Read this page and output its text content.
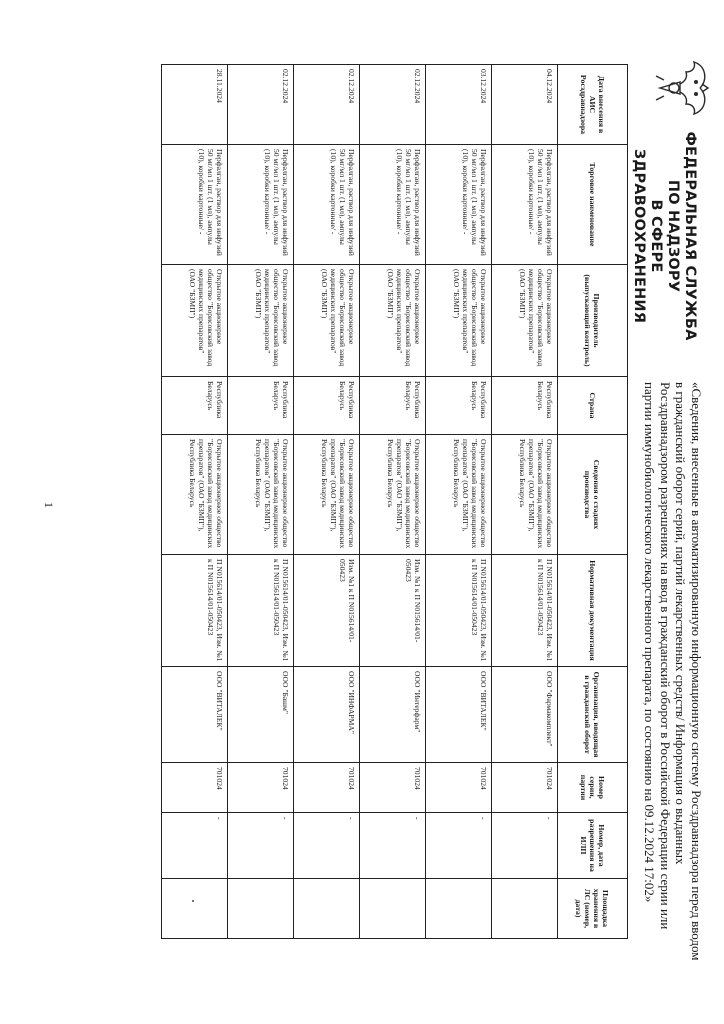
ФЕДЕРАЛЬНАЯ СЛУЖБА ПО НАДЗОРУ
В СФЕРЕ ЗДРАВООХРАНЕНИЯ
«Сведения, внесенные в автоматизированную информационную систему Росздравнадзора перед вводом в гражданский оборот серий, партий лекарственных средств/ Информация о выданных Росздравнадзором разрешениях на ввод в гражданский оборот в Российской Федерации серии или партии иммунобиологического лекарственного препарата, по состоянию на 09.12.2024 17:02»
Дата внесения в АИС Росздравнадзора	Торговое наименование	Производитель (выпускающий контроль)	Страна	Сведения о стадиях производства	Нормативная документация	Организация, вводящая в гражданский оборот	Номер серии, партии	Номер, дата разрешения на ИЛП	Площадка хранения в ЛС (номер, дата)
04.12.2024	Перфалган, раствор для инфузий 50 мг/мл 1 шт. (1 мл), ампулы (10), коробки картонные/ -	Открытое акционерное общество "Борисовский завод медицинских препаратов" (ОАО "БЗМП")	Республика Беларусь	Открытое акционерное общество "Борисовский завод медицинских препаратов" (ОАО "БЗМП"), Республика Беларусь	П N015614/01-050423, Изм. №1 к П N015614/01-050423	ООО "Фармакомплект"	701024	-	
03.12.2024	Перфалган, раствор для инфузий 50 мг/мл 1 шт. (1 мл), ампулы (10), коробки картонные/ -	Открытое акционерное общество "Борисовский завод медицинских препаратов" (ОАО "БЗМП")	Республика Беларусь	Открытое акционерное общество "Борисовский завод медицинских препаратов" (ОАО "БЗМП"), Республика Беларусь	П N015614/01-050423, Изм. №1 к П N015614/01-050423	ООО "ВИТАЛЕК"	701024	-	
02.12.2024	Перфалган, раствор для инфузий 50 мг/мл 1 шт. (1 мл), ампулы (10), коробки картонные/ -	Открытое акционерное общество "Борисовский завод медицинских препаратов" (ОАО "БЗМП")	Республика Беларусь	Открытое акционерное общество "Борисовский завод медицинских препаратов" (ОАО "БЗМП"), Республика Беларусь	Изм. №1 к П N015614/01-050423	ООО "Интерфарм"	701024	-	
02.12.2024	Перфалган, раствор для инфузий 50 мг/мл 1 шт. (1 мл), ампулы (10), коробки картонные/ -	Открытое акционерное общество "Борисовский завод медицинских препаратов" (ОАО "БЗМП")	Республика Беларусь	Открытое акционерное общество "Борисовский завод медицинских препаратов" (ОАО "БЗМП"), Республика Беларусь	Изм. №1 к П N015614/01-050423	ООО "ИНФАРМА"	701024	-	
02.12.2024	Перфалган, раствор для инфузий 50 мг/мл 1 шт. (1 мл), ампулы (10), коробки картонные/ -	Открытое акционерное общество "Борисовский завод медицинских препаратов" (ОАО "БЗМП")	Республика Беларусь	Открытое акционерное общество "Борисовский завод медицинских препаратов" (ОАО "БЗМП"), Республика Беларусь	П N015614/01-050423, Изм. №1 к П N015614/01-050423	ООО "Башм"	701024	-	
28.11.2024	Перфалган, раствор для инфузий 50 мг/мл 1 шт. (1 мл), ампулы (10), коробки картонные/ -	Открытое акционерное общество "Борисовский завод медицинских препаратов" (ОАО "БЗМП")	Республика Беларусь	Открытое акционерное общество "Борисовский завод медицинских препаратов" (ОАО "БЗМП"), Республика Беларусь	П N015614/01-050423, Изм. №1 к П N015614/01-050423	ООО "ВИТАЛЕК"	701024	-	
1
